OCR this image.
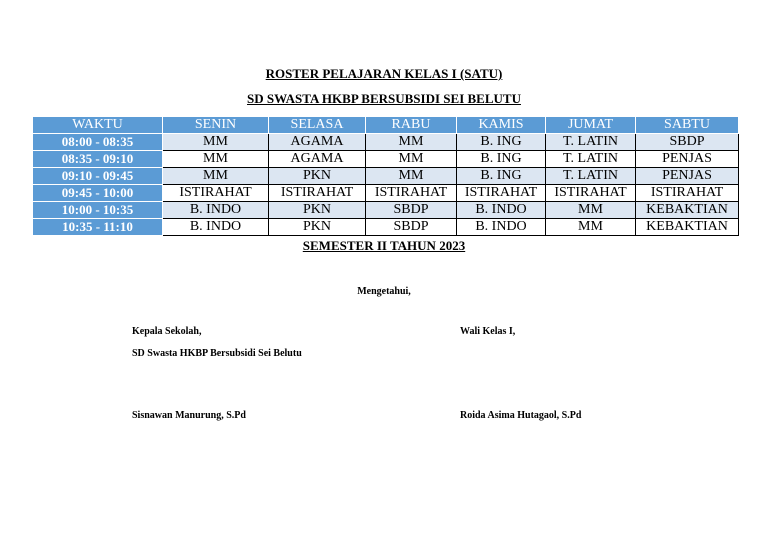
ROSTER PELAJARAN KELAS I (SATU)
SD SWASTA HKBP BERSUBSIDI SEI BELUTU
WAKTU	SENIN	SELASA	RABU	KAMIS	JUMAT	SABTU
08:00 - 08:35	MM	AGAMA	MM	B. ING	T. LATIN	SBDP
08:35 - 09:10	MM	AGAMA	MM	B. ING	T. LATIN	PENJAS
09:10 - 09:45	MM	PKN	MM	B. ING	T. LATIN	PENJAS
09:45 - 10:00	ISTIRAHAT	ISTIRAHAT	ISTIRAHAT	ISTIRAHAT	ISTIRAHAT	ISTIRAHAT
10:00 - 10:35	B. INDO	PKN	SBDP	B. INDO	MM	KEBAKTIAN
10:35 - 11:10	B. INDO	PKN	SBDP	B. INDO	MM	KEBAKTIAN
SEMESTER II TAHUN 2023
Mengetahui,
Kepala Sekolah,	Wali Kelas I,
SD Swasta HKBP Bersubsidi Sei Belutu
Sisnawan Manurung, S.Pd	Roida Asima Hutagaol, S.Pd
